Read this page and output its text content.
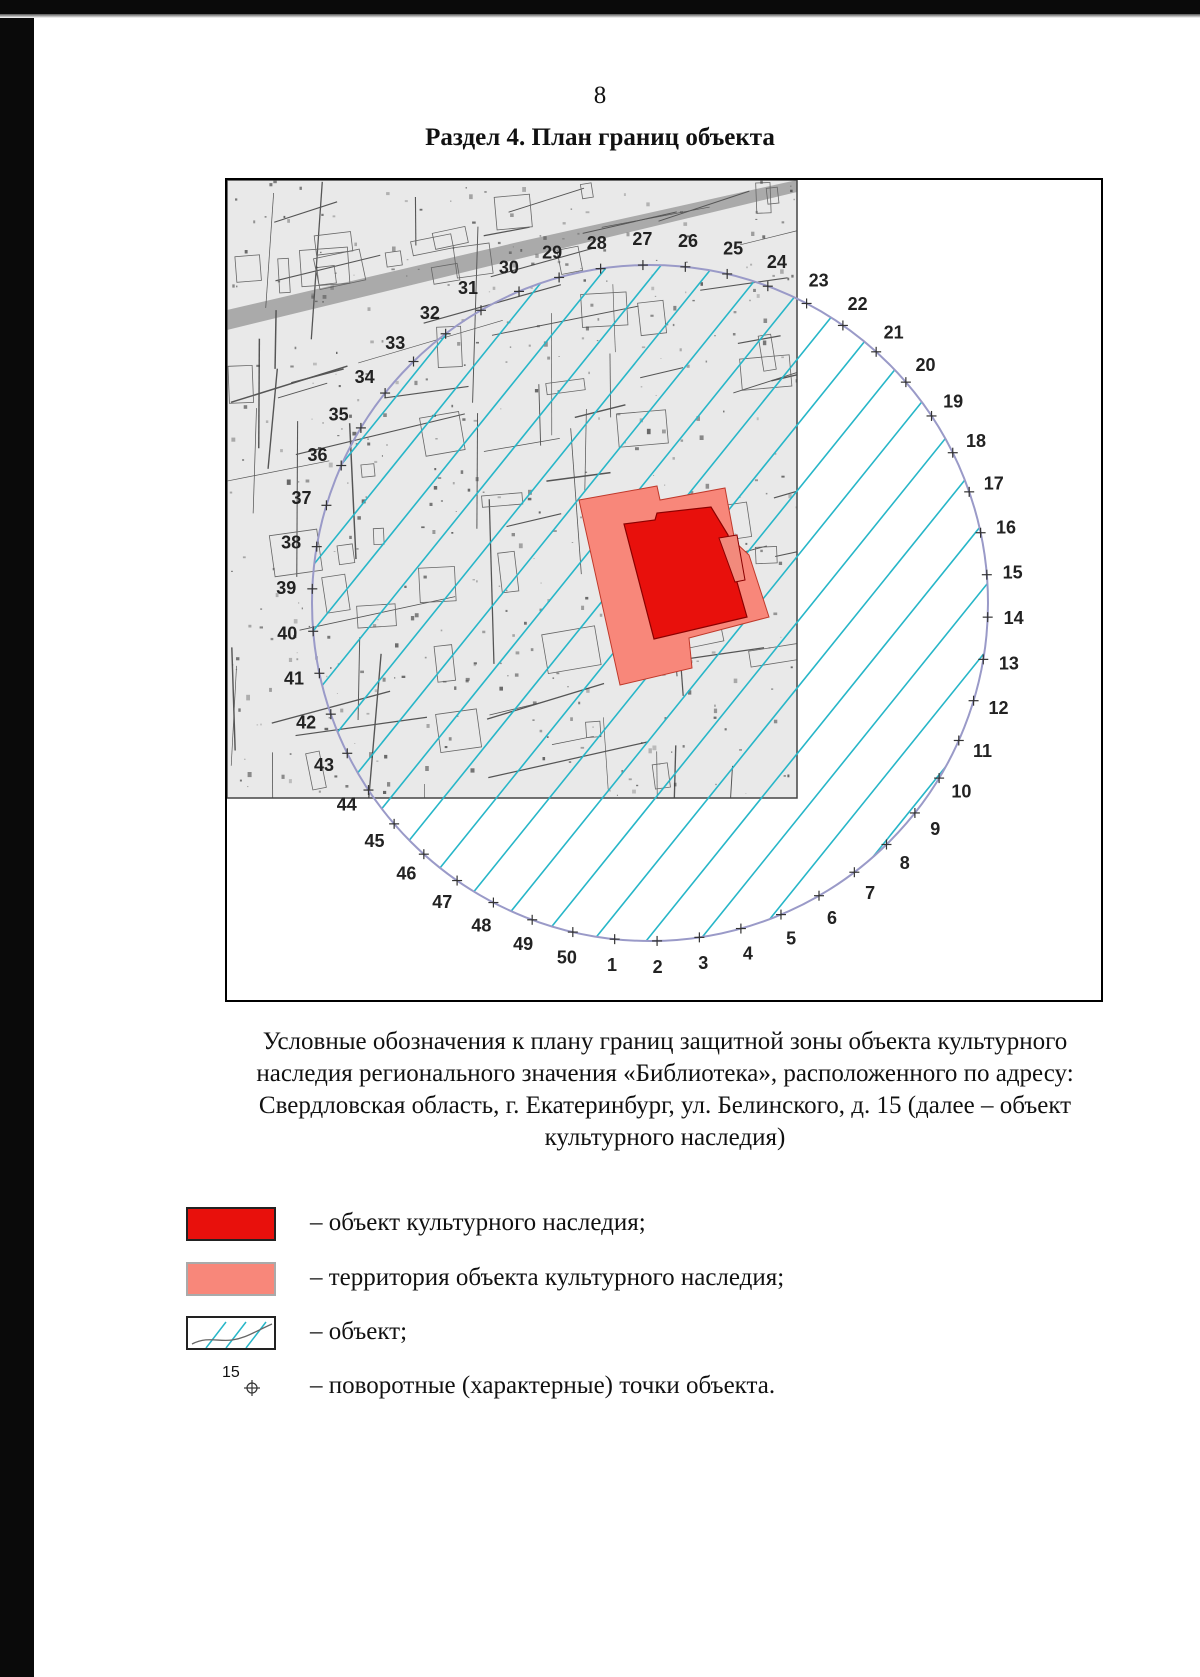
8
Раздел 4. План границ объекта
1 2 3 4
5
6
7
8
9
10
11
12
13
14
15
16
17
18
19
20
21
22
23
24
25
26
27
28
29
30
31
32
33
34
35
36
37
38
39
40
41
42
43
44
45
46
47
48
49
50
Условные обозначения к плану границ защитной зоны объекта культурного
наследия регионального значения «Библиотека», расположенного по адресу:
Свердловская область, г. Екатеринбург, ул. Белинского, д. 15 (далее – объект
культурного наследия)
– объект культурного наследия;
– территория объекта культурного наследия;
– объект;
15	– поворотные (характерные) точки объекта.
